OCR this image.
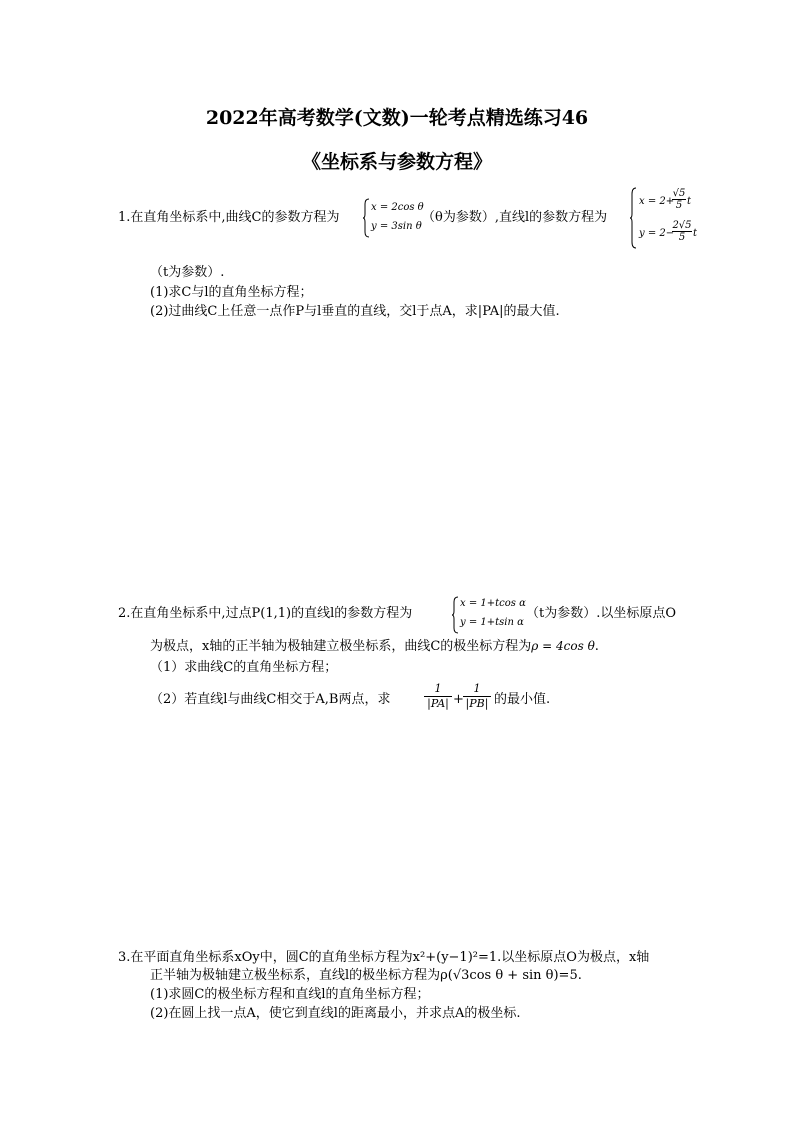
2022年高考数学(文数)一轮考点精选练习46
《坐标系与参数方程》
1.在直角坐标系中,曲线C的参数方程为
x = 2cos θ
y = 3sin θ
（θ为参数）,直线l的参数方程为
x = 2+
$\frac{√5}{5}$ t
y = 2−
$\frac{2√5}{5}$ t
（t为参数）.
(1)求C与l的直角坐标方程；
(2)过曲线C上任意一点作P与l垂直的直线，交l于点A，求|PA|的最大值.
2.在直角坐标系中,过点P(1,1)的直线l的参数方程为
x = 1+tcos α
y = 1+tsin α
（t为参数）.以坐标原点O
为极点，x轴的正半轴为极轴建立极坐标系，曲线C的极坐标方程为ρ = 4cos θ.
（1）求曲线C的直角坐标方程；
（2）若直线l与曲线C相交于A,B两点，求	$\frac{1}{|PA|} + \frac{1}{|PB|}$ 的最小值.
3.在平面直角坐标系xOy中，圆C的直角坐标方程为x²+(y−1)²=1.以坐标原点O为极点，x轴
正半轴为极轴建立极坐标系，直线l的极坐标方程为ρ(√3cos θ + sin θ)=5.
(1)求圆C的极坐标方程和直线l的直角坐标方程；
(2)在圆上找一点A，使它到直线l的距离最小，并求点A的极坐标.
